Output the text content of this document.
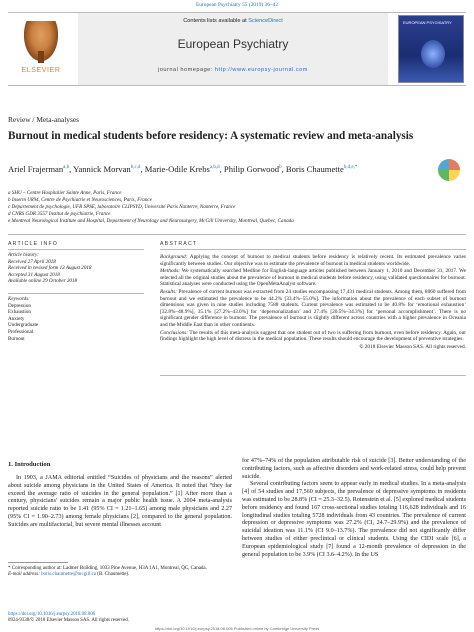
European Psychiatry 55 (2019) 36–42
ELSEVIER
Contents lists available at ScienceDirect
European Psychiatry
journal homepage: http://www.europsy-journal.com
EUROPEAN PSYCHIATRY
Review / Meta-analyses
Burnout in medical students before residency: A systematic review and meta-analysis
Ariel Frajerman$^{a,b}$, Yannick Morvan$^{b,c,d}$, Marie-Odile Krebs$^{a,b,d}$, Philip Gorwood$^b$, Boris Chaumette$^{b,d,e,*}$
a SHU – Centre Hospitalier Sainte Anne, Paris, France
b Inserm U894, Centre de Psychiatrie et Neurosciences, Paris, France
c Département de psychologie, UFR SPSE, laboratoire CLIPSYD, Université Paris Nanterre, Nanterre, France
d CNRS GDR 3557 Institut de psychiatrie, France
e Montreal Neurological Institute and Hospital, Department of Neurology and Neurosurgery, McGill University, Montreal, Quebec, Canada
ARTICLE INFO	ABSTRACT
Article history:
Received 27 April 2018
Received in revised form 13 August 2018
Accepted 31 August 2018
Available online 29 October 2018
Keywords:
Depression
Exhaustion
Anxiety
Undergraduate
Professional
Burnout

Background: Applying the concept of burnout to medical students before residency is relatively recent. Its estimated prevalence varies significantly between studies. Our objective was to estimate the prevalence of burnout in medical students worldwide.

Methods: We systematically searched Medline for English-language articles published between January 1, 2010 and December 31, 2017. We selected all the original studies about the prevalence of burnout in medical students before residency, using validated questionnaires for burnout. Statistical analyses were conducted using the OpenMetaAnalyst software.

Results: Prevalence of current burnout was extracted from 24 studies encompassing 17,431 medical students. Among them, 8060 suffered from burnout and we estimated the prevalence to be 44.2% [33.4%–55.0%]. The information about the prevalence of each subset of burnout dimensions was given in nine studies including 7588 students. Current prevalence was estimated to be 40.8% for ‘emotional exhaustion’ [32.8%–48.9%], 35.1% [27.2%–43.0%] for ‘depersonalization’ and 27.4% [20.5%–34.3%] for ‘personal accomplishment’. There is no significant gender difference in burnout. The prevalence of burnout is slightly different across countries with a higher prevalence in Oceania and the Middle East than in other continents.

Conclusions: The results of this meta-analysis suggest that one student out of two is suffering from burnout, even before residency. Again, our findings highlight the high level of distress in the medical population. These results should encourage the development of preventive strategies.

© 2018 Elsevier Masson SAS. All rights reserved.

1. Introduction

In 1903, a JAMA editorial entitled “Suicides of physicians and the reasons” alerted about suicide among physicians in the United States of America. It noted that “they far exceed the average ratio of suicides in the general population.” [1] After more than a century, physicians' suicides remain a major public health issue. A 2004 meta-analysis reported suicide ratio to be 1.41 (95% CI = 1.21–1.65) among male physicians and 2.27 (95% CI = 1.90–2.73) among female physicians [2], compared to the general population. Suicides are multifactorial, but severe mental illnesses account

for 47%–74% of the population attributable risk of suicide [3]. Better understanding of the contributing factors, such as affective disorders and work-related stress, could help prevent suicide.

Several contributing factors seem to appear early in medical studies. In a meta-analysis [4] of 54 studies and 17,560 subjects, the prevalence of depressive symptoms in residents was estimated to be 28.8% (CI = 25.3–32.5). Rotenstein et al. [5] explored medical students before residency and found 167 cross-sectional studies totaling 116,628 individuals and 16 longitudinal studies totaling 5728 individuals from 43 countries. The prevalence of current depression or depressive symptoms was 27.2% (CI, 24.7–29.9%) and the prevalence of suicidal ideation was 11.1% (CI 9.0–13.7%). The prevalence did not significantly differ between studies of either preclinical or clinical students. Using the CIDI scale [6], a European epidemiological study [7] found a 12-month prevalence of depression in the general population to be 3.9% (CI 3.6–4.2%). In the US

* Corresponding author at: Ladmer Building, 1033 Pine Avenue, H3A 1A1, Montreal, QC, Canada.
E-mail address: boris.chaumette@mcgill.ca (B. Chaumette).
https://doi.org/10.1016/j.eurpsy.2018.08.006
0924-9338/© 2018 Elsevier Masson SAS. All rights reserved.
https://doi.org/10.1016/j.eurpsy.2018.08.006 Published online by Cambridge University Press
